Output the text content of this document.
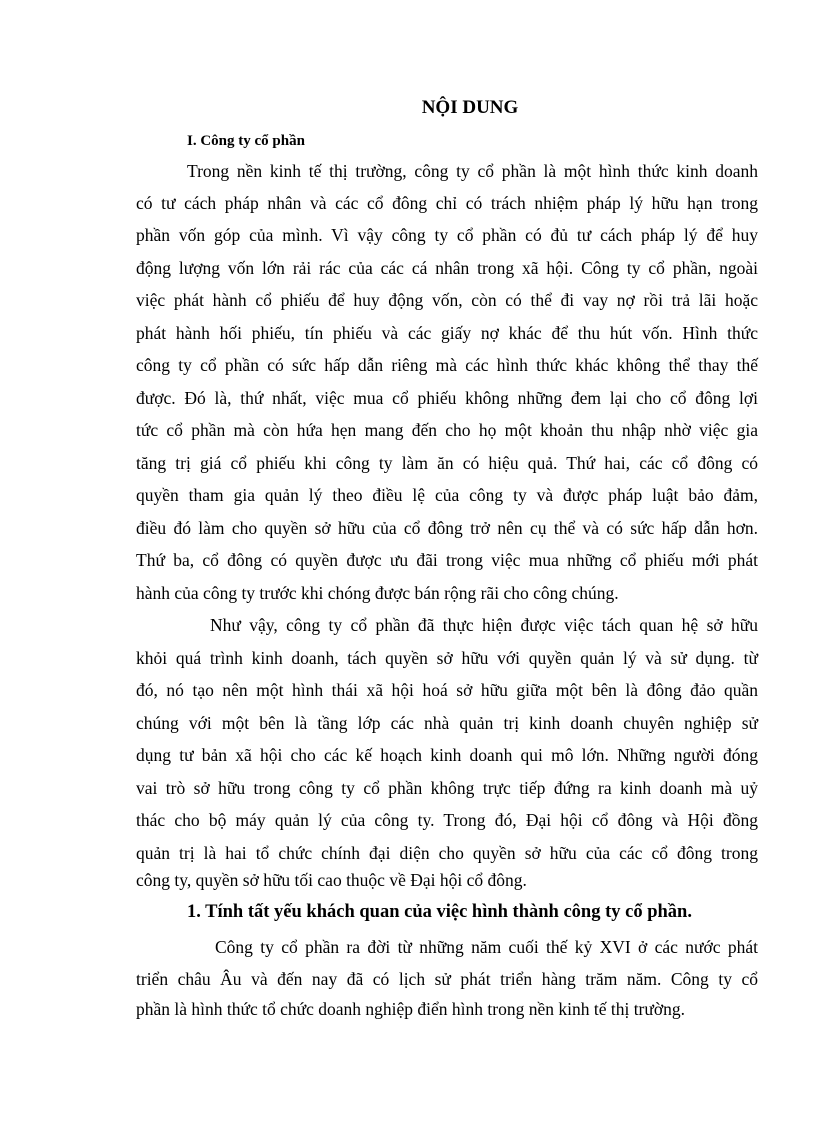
NỘI DUNG
I. Công ty cổ phần
Trong nền kinh tế thị trường, công ty cổ phần là một hình thức kinh doanh
có tư cách pháp nhân và các cổ đông chỉ có trách nhiệm pháp lý hữu hạn trong
phần vốn góp của mình. Vì vậy công ty cổ phần có đủ tư cách pháp lý để huy
động lượng vốn lớn rải rác của các cá nhân trong xã hội. Công ty cổ phần, ngoài
việc phát hành cổ phiếu để huy động vốn, còn có thể đi vay nợ rồi trả lãi hoặc
phát hành hối phiếu, tín phiếu và các giấy nợ khác để thu hút vốn. Hình thức
công ty cổ phần có sức hấp dẫn riêng mà các hình thức khác không thể thay thế
được. Đó là, thứ nhất, việc mua cổ phiếu không những đem lại cho cổ đông lợi
tức cổ phần mà còn hứa hẹn mang đến cho họ một khoản thu nhập nhờ việc gia
tăng trị giá cổ phiếu khi công ty làm ăn có hiệu quả. Thứ hai, các cổ đông có
quyền tham gia quản lý theo điều lệ của công ty và được pháp luật bảo đảm,
điều đó làm cho quyền sở hữu của cổ đông trở nên cụ thể và có sức hấp dẫn hơn.
Thứ ba, cổ đông có quyền được ưu đãi trong việc mua những cổ phiếu mới phát
hành của công ty trước khi chóng được bán rộng rãi cho công chúng.
Như vậy, công ty cổ phần đã thực hiện được việc tách quan hệ sở hữu
khỏi quá trình kinh doanh, tách quyền sở hữu với quyền quản lý và sử dụng. từ
đó, nó tạo nên một hình thái xã hội hoá sở hữu giữa một bên là đông đảo quần
chúng với một bên là tầng lớp các nhà quản trị kinh doanh chuyên nghiệp sử
dụng tư bản xã hội cho các kế hoạch kinh doanh qui mô lớn. Những người đóng
vai trò sở hữu trong công ty cổ phần không trực tiếp đứng ra kinh doanh mà uỷ
thác cho bộ máy quản lý của công ty. Trong đó, Đại hội cổ đông và Hội đồng
quản trị là hai tổ chức chính đại diện cho quyền sở hữu của các cổ đông trong
công ty, quyền sở hữu tối cao thuộc về Đại hội cổ đông.
1. Tính tất yếu khách quan của việc hình thành công ty cổ phần.
Công ty cổ phần ra đời từ những năm cuối thế kỷ XVI ở các nước phát
triển châu Âu và đến nay đã có lịch sử phát triển hàng trăm năm. Công ty cổ
phần là hình thức tổ chức doanh nghiệp điển hình trong nền kinh tế thị trường.
